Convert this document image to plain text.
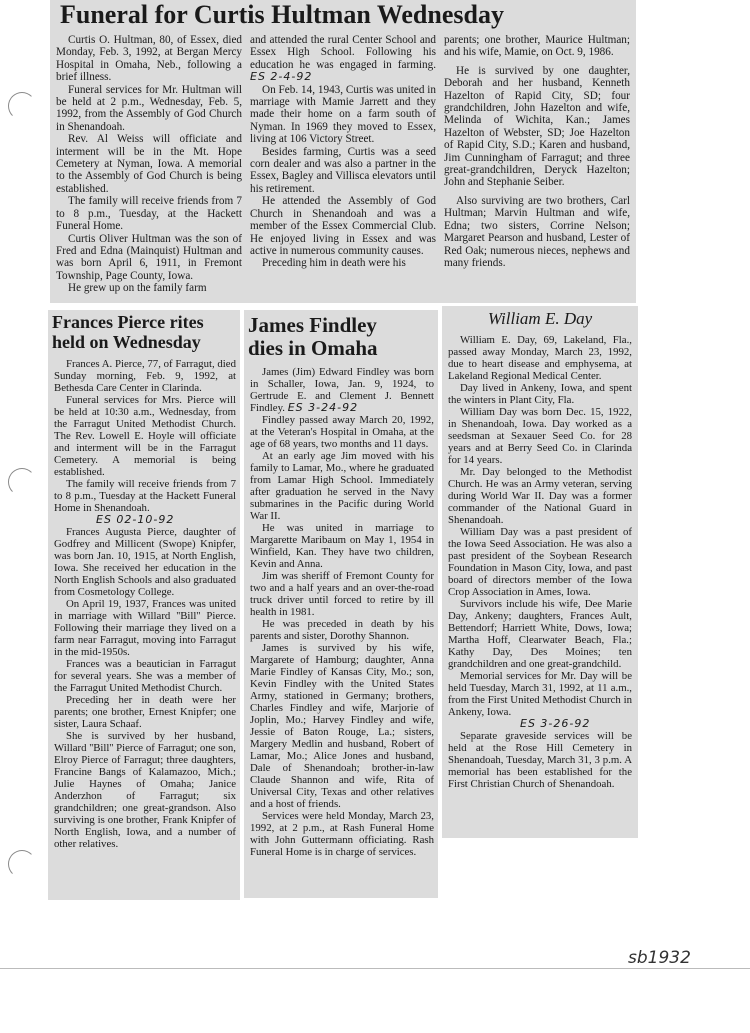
Funeral for Curtis Hultman Wednesday

Curtis O. Hultman, 80, of Essex, died Monday, Feb. 3, 1992, at Bergan Mercy Hospital in Omaha, Neb., following a brief illness.

Funeral services for Mr. Hultman will be held at 2 p.m., Wednesday, Feb. 5, 1992, from the Assembly of God Church in Shenandoah.

Rev. Al Weiss will officiate and interment will be in the Mt. Hope Cemetery at Nyman, Iowa. A memorial to the Assembly of God Church is being established.

The family will receive friends from 7 to 8 p.m., Tuesday, at the Hackett Funeral Home.

Curtis Oliver Hultman was the son of Fred and Edna (Mainquist) Hultman and was born April 6, 1911, in Fremont Township, Page County, Iowa.

He grew up on the family farm

and attended the rural Center School and Essex High School. Following his education he was engaged in farming. ES 2-4-92

On Feb. 14, 1943, Curtis was united in marriage with Mamie Jarrett and they made their home on a farm south of Nyman. In 1969 they moved to Essex, living at 106 Victory Street.

Besides farming, Curtis was a seed corn dealer and was also a partner in the Essex, Bagley and Villisca elevators until his retirement.

He attended the Assembly of God Church in Shenandoah and was a member of the Essex Commercial Club. He enjoyed living in Essex and was active in numerous community causes.

Preceding him in death were his

parents; one brother, Maurice Hultman; and his wife, Mamie, on Oct. 9, 1986.

He is survived by one daughter, Deborah and her husband, Kenneth Hazelton of Rapid City, SD; four grandchildren, John Hazelton and wife, Melinda of Wichita, Kan.; James Hazelton of Webster, SD; Joe Hazelton of Rapid City, S.D.; Karen and husband, Jim Cunningham of Farragut; and three great-grandchildren, Deryck Hazelton; John and Stephanie Seiber.

Also surviving are two brothers, Carl Hultman; Marvin Hultman and wife, Edna; two sisters, Corrine Nelson; Margaret Pearson and husband, Lester of Red Oak; numerous nieces, nephews and many friends.

Frances Pierce rites
held on Wednesday

Frances A. Pierce, 77, of Farragut, died Sunday morning, Feb. 9, 1992, at Bethesda Care Center in Clarinda.

Funeral services for Mrs. Pierce will be held at 10:30 a.m., Wednesday, from the Farragut United Methodist Church. The Rev. Lowell E. Hoyle will officiate and interment will be in the Farragut Cemetery. A memorial is being established.

The family will receive friends from 7 to 8 p.m., Tuesday at the Hackett Funeral Home in Shenandoah.

ES 02-10-92

Frances Augusta Pierce, daughter of Godfrey and Millicent (Swope) Knipfer, was born Jan. 10, 1915, at North English, Iowa. She received her education in the North English Schools and also graduated from Cosmetology College.

On April 19, 1937, Frances was united in marriage with Willard ''Bill'' Pierce. Following their marriage they lived on a farm near Farragut, moving into Farragut in the mid-1950s.

Frances was a beautician in Farragut for several years. She was a member of the Farragut United Methodist Church.

Preceding her in death were her parents; one brother, Ernest Knipfer; one sister, Laura Schaaf.

She is survived by her husband, Willard ''Bill'' Pierce of Farragut; one son, Elroy Pierce of Farragut; three daughters, Francine Bangs of Kalamazoo, Mich.; Julie Haynes of Omaha; Janice Anderzhon of Farragut; six grandchildren; one great-grandson. Also surviving is one brother, Frank Knipfer of North English, Iowa, and a number of other relatives.

James Findley
dies in Omaha

James (Jim) Edward Findley was born in Schaller, Iowa, Jan. 9, 1924, to Gertrude E. and Clement J. Bennett Findley. ES 3-24-92

Findley passed away March 20, 1992, at the Veteran's Hospital in Omaha, at the age of 68 years, two months and 11 days.

At an early age Jim moved with his family to Lamar, Mo., where he graduated from Lamar High School. Immediately after graduation he served in the Navy submarines in the Pacific during World War II.

He was united in marriage to Margarette Maribaum on May 1, 1954 in Winfield, Kan. They have two children, Kevin and Anna.

Jim was sheriff of Fremont County for two and a half years and an over-the-road truck driver until forced to retire by ill health in 1981.

He was preceded in death by his parents and sister, Dorothy Shannon.

James is survived by his wife, Margarete of Hamburg; daughter, Anna Marie Findley of Kansas City, Mo.; son, Kevin Findley with the United States Army, stationed in Germany; brothers, Charles Findley and wife, Marjorie of Joplin, Mo.; Harvey Findley and wife, Jessie of Baton Rouge, La.; sisters, Margery Medlin and husband, Robert of Lamar, Mo.; Alice Jones and husband, Dale of Shenandoah; brother-in-law Claude Shannon and wife, Rita of Universal City, Texas and other relatives and a host of friends.

Services were held Monday, March 23, 1992, at 2 p.m., at Rash Funeral Home with John Guttermann officiating. Rash Funeral Home is in charge of services.

William E. Day

William E. Day, 69, Lakeland, Fla., passed away Monday, March 23, 1992, due to heart disease and emphysema, at Lakeland Regional Medical Center.

Day lived in Ankeny, Iowa, and spent the winters in Plant City, Fla.

William Day was born Dec. 15, 1922, in Shenandoah, Iowa. Day worked as a seedsman at Sexauer Seed Co. for 28 years and at Berry Seed Co. in Clarinda for 14 years.

Mr. Day belonged to the Methodist Church. He was an Army veteran, serving during World War II. Day was a former commander of the National Guard in Shenandoah.

William Day was a past president of the Iowa Seed Association. He was also a past president of the Soybean Research Foundation in Mason City, Iowa, and past board of directors member of the Iowa Crop Association in Ames, Iowa.

Survivors include his wife, Dee Marie Day, Ankeny; daughters, Frances Ault, Bettendorf; Harriett White, Dows, Iowa; Martha Hoff, Clearwater Beach, Fla.; Kathy Day, Des Moines; ten grandchildren and one great-grandchild.

Memorial services for Mr. Day will be held Tuesday, March 31, 1992, at 11 a.m., from the First United Methodist Church in Ankeny, Iowa.

ES 3-26-92

Separate graveside services will be held at the Rose Hill Cemetery in Shenandoah, Tuesday, March 31, 3 p.m. A memorial has been established for the First Christian Church of Shenandoah.

sb1932
